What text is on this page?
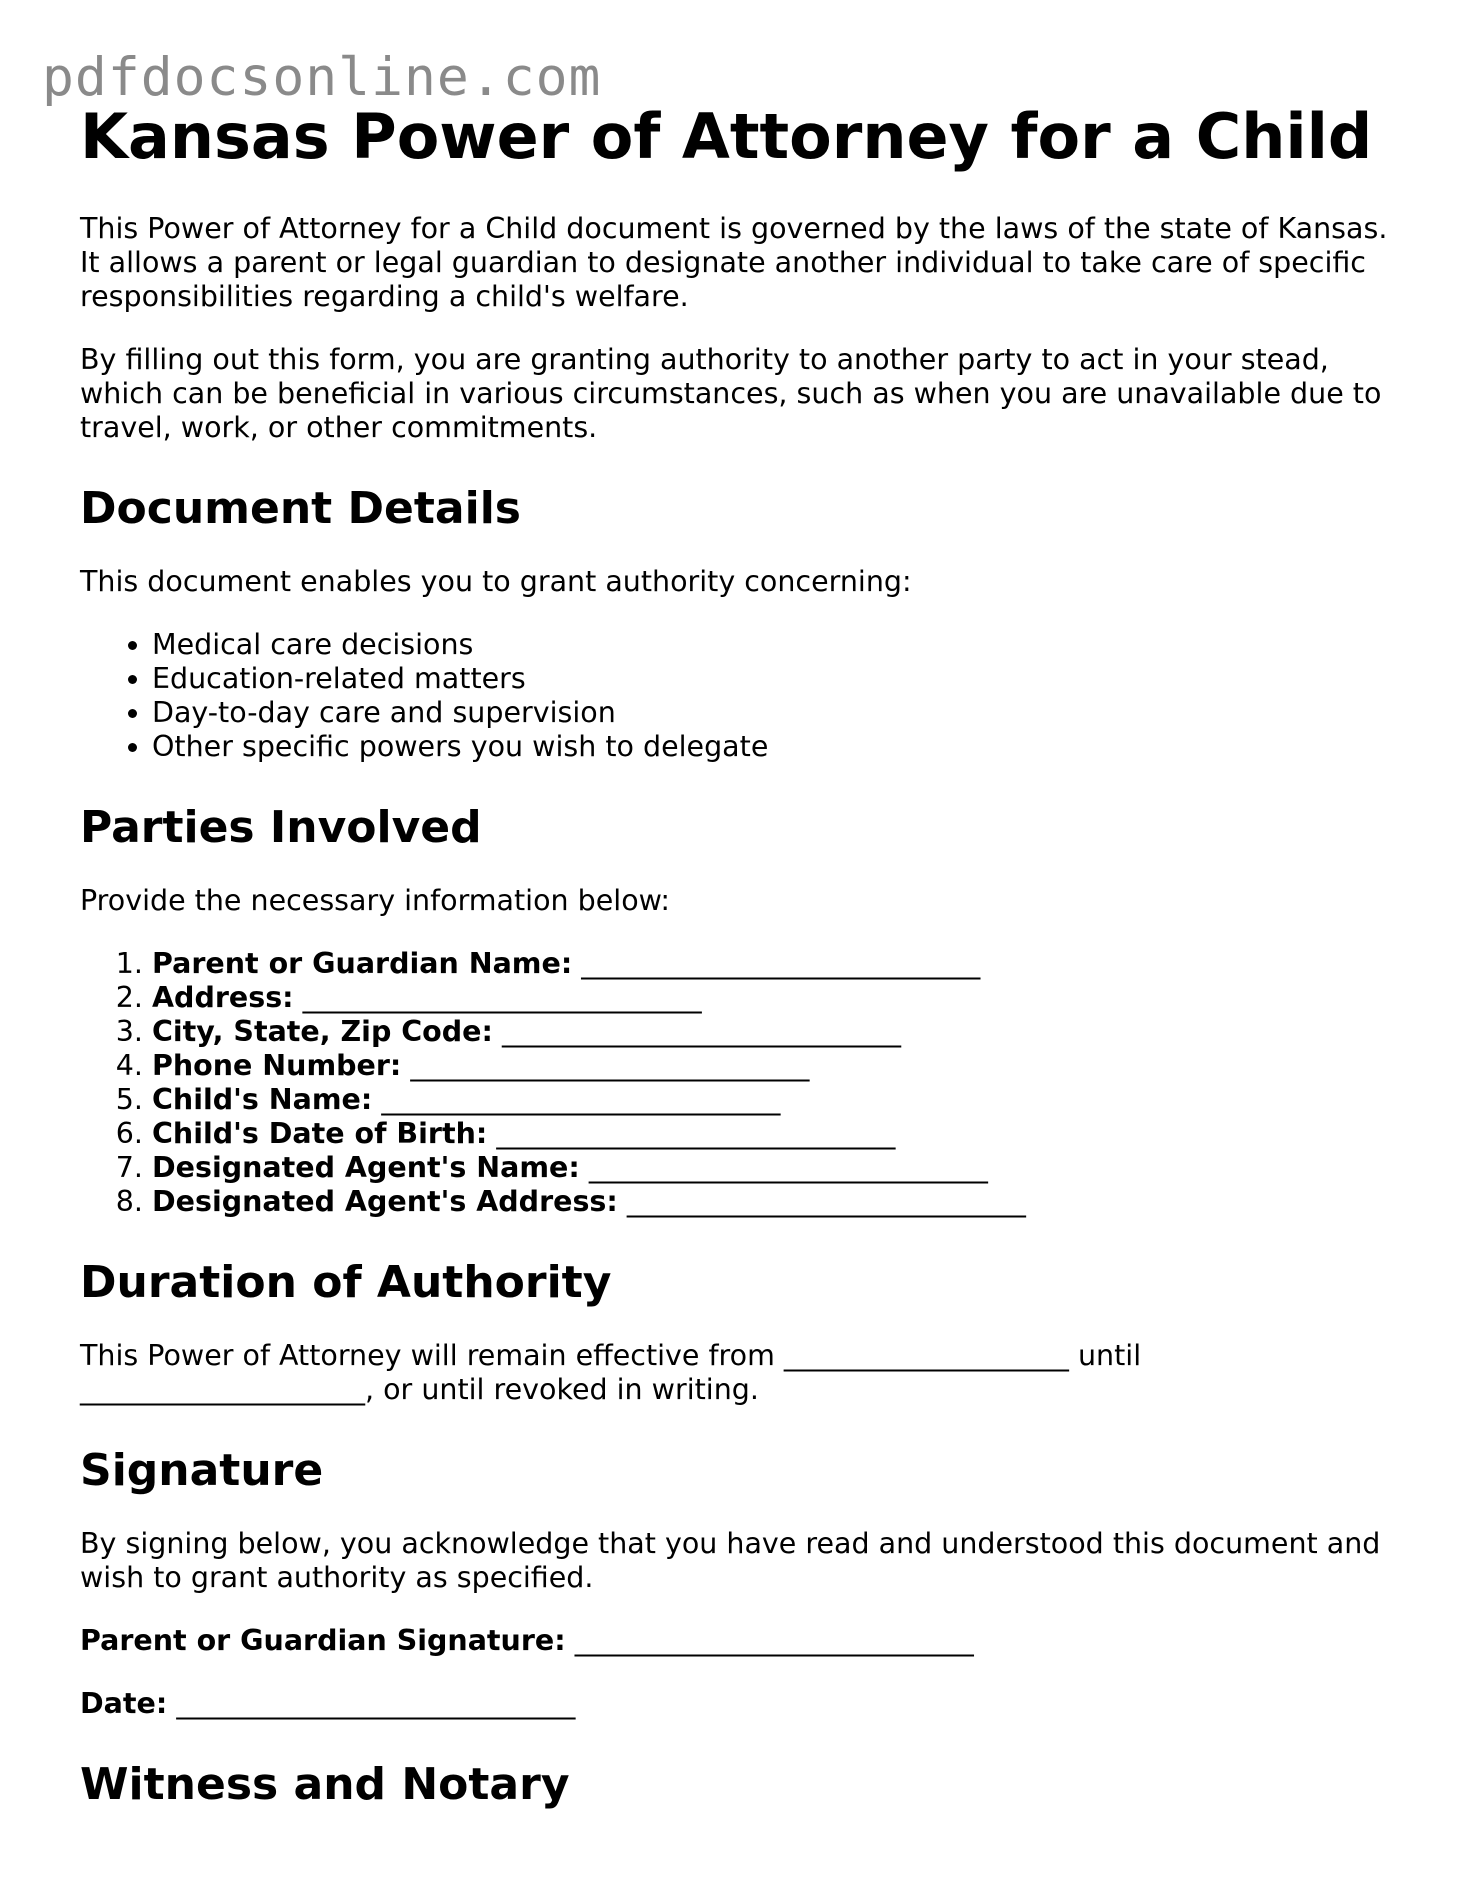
pdfdocsonline.com
Kansas Power of Attorney for a Child

This Power of Attorney for a Child document is governed by the laws of the state of Kansas. It allows a parent or legal guardian to designate another individual to take care of specific responsibilities regarding a child's welfare.

By filling out this form, you are granting authority to another party to act in your stead, which can be beneficial in various circumstances, such as when you are unavailable due to travel, work, or other commitments.

Document Details

This document enables you to grant authority concerning:

• Medical care decisions
• Education-related matters
• Day-to-day care and supervision
• Other specific powers you wish to delegate
Parties Involved

Provide the necessary information below:

1. Parent or Guardian Name: ____________________________
2. Address: ____________________________
3. City, State, Zip Code: ____________________________
4. Phone Number: ____________________________
5. Child's Name: ____________________________
6. Child's Date of Birth: ____________________________
7. Designated Agent's Name: ____________________________
8. Designated Agent's Address: ____________________________
Duration of Authority

This Power of Attorney will remain effective from ____________________ until ____________________, or until revoked in writing.

Signature

By signing below, you acknowledge that you have read and understood this document and wish to grant authority as specified.

Parent or Guardian Signature: ____________________________

Date: ____________________________

Witness and Notary
